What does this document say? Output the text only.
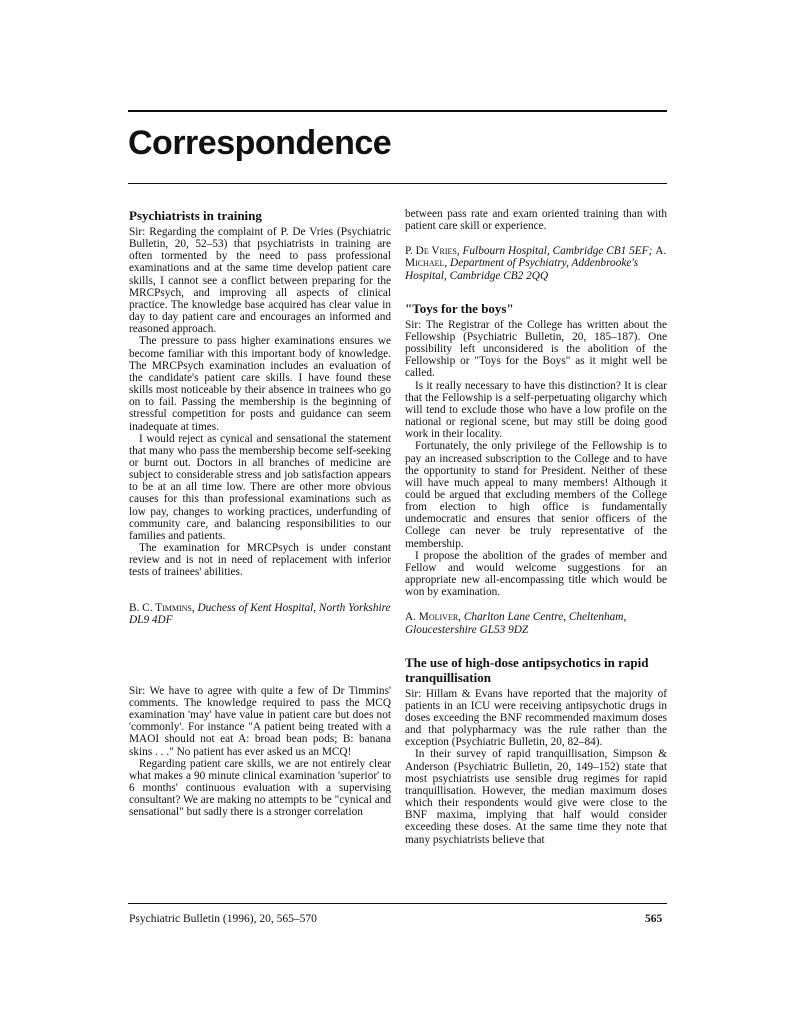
Correspondence
Psychiatrists in training

Sir: Regarding the complaint of P. De Vries (Psychiatric Bulletin, 20, 52–53) that psychiatrists in training are often tormented by the need to pass professional examinations and at the same time develop patient care skills, I cannot see a conflict between preparing for the MRCPsych, and improving all aspects of clinical practice. The knowledge base acquired has clear value in day to day patient care and encourages an informed and reasoned approach.

The pressure to pass higher examinations ensures we become familiar with this important body of knowledge. The MRCPsych examination includes an evaluation of the candidate's patient care skills. I have found these skills most noticeable by their absence in trainees who go on to fail. Passing the membership is the beginning of stressful competition for posts and guidance can seem inadequate at times.

I would reject as cynical and sensational the statement that many who pass the membership become self-seeking or burnt out. Doctors in all branches of medicine are subject to considerable stress and job satisfaction appears to be at an all time low. There are other more obvious causes for this than professional examinations such as low pay, changes to working practices, underfunding of community care, and balancing responsibilities to our families and patients.

The examination for MRCPsych is under constant review and is not in need of replacement with inferior tests of trainees' abilities.

B. C. Timmins, Duchess of Kent Hospital, North Yorkshire DL9 4DF

Sir: We have to agree with quite a few of Dr Timmins' comments. The knowledge required to pass the MCQ examination 'may' have value in patient care but does not 'commonly'. For instance "A patient being treated with a MAOI should not eat A: broad bean pods; B: banana skins . . ." No patient has ever asked us an MCQ!

Regarding patient care skills, we are not entirely clear what makes a 90 minute clinical examination 'superior' to 6 months' continuous evaluation with a supervising consultant? We are making no attempts to be "cynical and sensational" but sadly there is a stronger correlation

between pass rate and exam oriented training than with patient care skill or experience.

P. De Vries, Fulbourn Hospital, Cambridge CB1 5EF; A. Michael, Department of Psychiatry, Addenbrooke's Hospital, Cambridge CB2 2QQ

"Toys for the boys"

Sir: The Registrar of the College has written about the Fellowship (Psychiatric Bulletin, 20, 185–187). One possibility left unconsidered is the abolition of the Fellowship or "Toys for the Boys" as it might well be called.

Is it really necessary to have this distinction? It is clear that the Fellowship is a self-perpetuating oligarchy which will tend to exclude those who have a low profile on the national or regional scene, but may still be doing good work in their locality.

Fortunately, the only privilege of the Fellowship is to pay an increased subscription to the College and to have the opportunity to stand for President. Neither of these will have much appeal to many members! Although it could be argued that excluding members of the College from election to high office is fundamentally undemocratic and ensures that senior officers of the College can never be truly representative of the membership.

I propose the abolition of the grades of member and Fellow and would welcome suggestions for an appropriate new all-encompassing title which would be won by examination.

A. Moliver, Charlton Lane Centre, Cheltenham, Gloucestershire GL53 9DZ

The use of high-dose antipsychotics in rapid tranquillisation

Sir: Hillam & Evans have reported that the majority of patients in an ICU were receiving antipsychotic drugs in doses exceeding the BNF recommended maximum doses and that polypharmacy was the rule rather than the exception (Psychiatric Bulletin, 20, 82–84).

In their survey of rapid tranquillisation, Simpson & Anderson (Psychiatric Bulletin, 20, 149–152) state that most psychiatrists use sensible drug regimes for rapid tranquillisation. However, the median maximum doses which their respondents would give were close to the BNF maxima, implying that half would consider exceeding these doses. At the same time they note that many psychiatrists believe that

Psychiatric Bulletin (1996), 20, 565–570	565
